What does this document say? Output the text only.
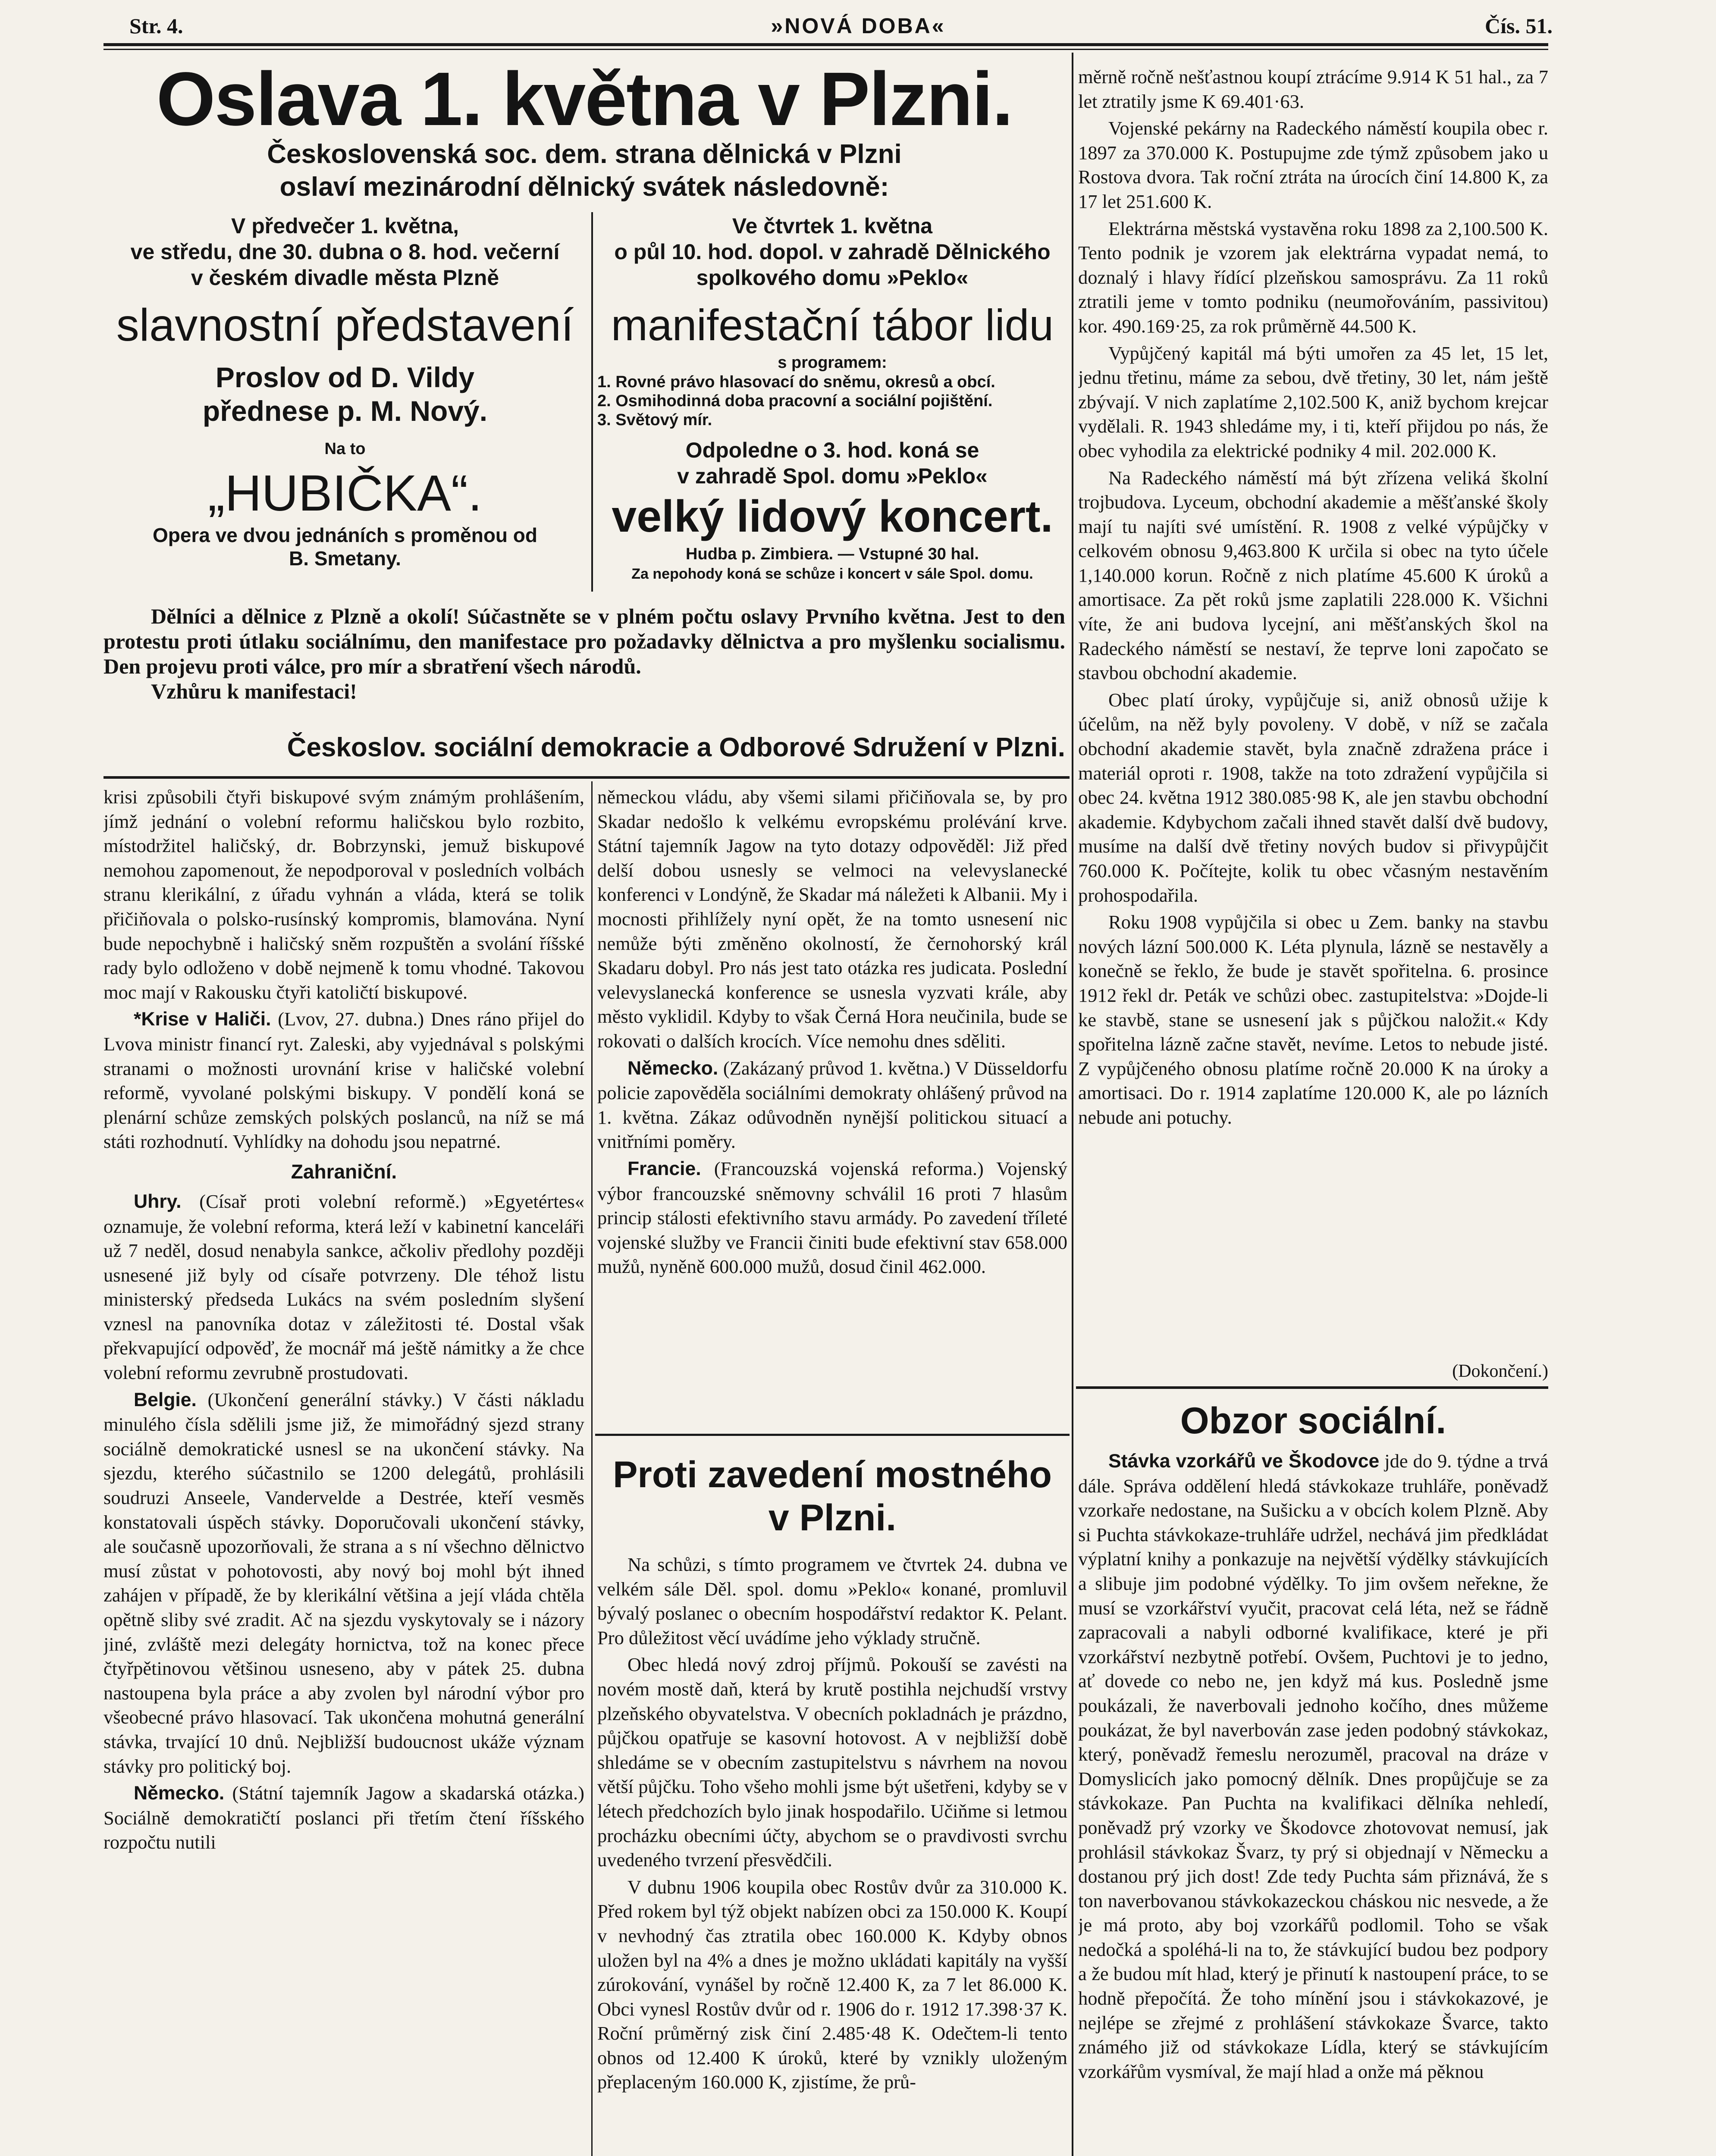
Str. 4.	»NOVÁ DOBA«	Čís. 51.
Oslava 1. května v Plzni.
Československá soc. dem. strana dělnická v Plzni
oslaví mezinárodní dělnický svátek následovně:
V předvečer 1. května,
ve středu, dne 30. dubna o 8. hod. večerní
v českém divadle města Plzně
slavnostní představení
Proslov od D. Vildy
přednese p. M. Nový.
Na to
„HUBIČKA“.
Opera ve dvou jednáních s proměnou od
B. Smetany.
Ve čtvrtek 1. května
o půl 10. hod. dopol. v zahradě Dělnického
spolkového domu »Peklo«
manifestační tábor lidu
s programem:
1. Rovné právo hlasovací do sněmu, okresů a obcí.
2. Osmihodinná doba pracovní a sociální pojištění.
3. Světový mír.
Odpoledne o 3. hod. koná se
v zahradě Spol. domu »Peklo«
velký lidový koncert.
Hudba p. Zimbiera. — Vstupné 30 hal.
Za nepohody koná se schůze i koncert v sále Spol. domu.

Dělníci a dělnice z Plzně a okolí! Súčastněte se v plném počtu oslavy Prvního května. Jest to den protestu proti útlaku sociálnímu, den manifestace pro požadavky dělnictva a pro myšlenku socialismu. Den projevu proti válce, pro mír a sbratření všech národů.

Vzhůru k manifestaci!
Českoslov. sociální demokracie a Odborové Sdružení v Plzni.

krisi způsobili čtyři biskupové svým známým prohlášením, jímž jednání o volební reformu haličskou bylo rozbito, místodržitel haličský, dr. Bobrzynski, jemuž biskupové nemohou zapomenout, že nepodporoval v posledních volbách stranu klerikální, z úřadu vyhnán a vláda, která se tolik přičiňovala o polsko-rusínský kompromis, blamována. Nyní bude nepochybně i haličský sněm rozpuštěn a svolání říšské rady bylo odloženo v době nejmeně k tomu vhodné. Takovou moc mají v Rakousku čtyři katoličtí biskupové.

*Krise v Haliči. (Lvov, 27. dubna.) Dnes ráno přijel do Lvova ministr financí ryt. Zaleski, aby vyjednával s polskými stranami o možnosti urovnání krise v haličské volební reformě, vyvolané polskými biskupy. V pondělí koná se plenární schůze zemských polských poslanců, na níž se má státi rozhodnutí. Vyhlídky na dohodu jsou nepatrné.

Zahraniční.

Uhry. (Císař proti volební reformě.) »Egyetértes« oznamuje, že volební reforma, která leží v kabinetní kanceláři už 7 neděl, dosud nenabyla sankce, ačkoliv předlohy později usnesené již byly od císaře potvrzeny. Dle téhož listu ministerský předseda Lukács na svém posledním slyšení vznesl na panovníka dotaz v záležitosti té. Dostal však překvapující odpověď, že mocnář má ještě námitky a že chce volební reformu zevrubně prostudovati.

Belgie. (Ukončení generální stávky.) V části nákladu minulého čísla sdělili jsme již, že mimořádný sjezd strany sociálně demokratické usnesl se na ukončení stávky. Na sjezdu, kterého súčastnilo se 1200 delegátů, prohlásili soudruzi Anseele, Vandervelde a Destrée, kteří vesměs konstatovali úspěch stávky. Doporučovali ukončení stávky, ale současně upozorňovali, že strana a s ní všechno dělnictvo musí zůstat v pohotovosti, aby nový boj mohl být ihned zahájen v případě, že by klerikální většina a její vláda chtěla opětně sliby své zradit. Ač na sjezdu vyskytovaly se i názory jiné, zvláště mezi delegáty hornictva, tož na konec přece čtyřpětinovou většinou usneseno, aby v pátek 25. dubna nastoupena byla práce a aby zvolen byl národní výbor pro všeobecné právo hlasovací. Tak ukončena mohutná generální stávka, trvající 10 dnů. Nejbližší budoucnost ukáže význam stávky pro politický boj.

Německo. (Státní tajemník Jagow a skadarská otázka.) Sociálně demokratičtí poslanci při třetím čtení říšského rozpočtu nutili

německou vládu, aby všemi silami přičiňovala se, by pro Skadar nedošlo k velkému evropskému prolévání krve. Státní tajemník Jagow na tyto dotazy odpověděl: Již před delší dobou usnesly se velmoci na velevyslanecké konferenci v Londýně, že Skadar má náležeti k Albanii. My i mocnosti přihlížely nyní opět, že na tomto usnesení nic nemůže býti změněno okolností, že černohorský král Skadaru dobyl. Pro nás jest tato otázka res judicata. Poslední velevyslanecká konference se usnesla vyzvati krále, aby město vyklidil. Kdyby to však Černá Hora neučinila, bude se rokovati o dalších krocích. Více nemohu dnes sděliti.

Německo. (Zakázaný průvod 1. května.) V Düsseldorfu policie zapověděla sociálními demokraty ohlášený průvod na 1. května. Zákaz odůvodněn nynější politickou situací a vnitřními poměry.

Francie. (Francouzská vojenská reforma.) Vojenský výbor francouzské sněmovny schválil 16 proti 7 hlasům princip stálosti efektivního stavu armády. Po zavedení tříleté vojenské služby ve Francii činiti bude efektivní stav 658.000 mužů, nyněně 600.000 mužů, dosud činil 462.000.

Proti zavedení mostného
v Plzni.

Na schůzi, s tímto programem ve čtvrtek 24. dubna ve velkém sále Děl. spol. domu »Peklo« konané, promluvil bývalý poslanec o obecním hospodářství redaktor K. Pelant. Pro důležitost věcí uvádíme jeho výklady stručně.

Obec hledá nový zdroj příjmů. Pokouší se zavésti na novém mostě daň, která by krutě postihla nejchudší vrstvy plzeňského obyvatelstva. V obecních pokladnách je prázdno, půjčkou opatřuje se kasovní hotovost. A v nejbližší době shledáme se v obecním zastupitelstvu s návrhem na novou větší půjčku. Toho všeho mohli jsme být ušetřeni, kdyby se v létech předchozích bylo jinak hospodařilo. Učiňme si letmou procházku obecními účty, abychom se o pravdivosti svrchu uvedeného tvrzení přesvědčili.

V dubnu 1906 koupila obec Rostův dvůr za 310.000 K. Před rokem byl týž objekt nabízen obci za 150.000 K. Koupí v nevhodný čas ztratila obec 160.000 K. Kdyby obnos uložen byl na 4% a dnes je možno ukládati kapitály na vyšší zúrokování, vynášel by ročně 12.400 K, za 7 let 86.000 K. Obci vynesl Rostův dvůr od r. 1906 do r. 1912 17.398·37 K. Roční průměrný zisk činí 2.485·48 K. Odečtem-li tento obnos od 12.400 K úroků, které by vznikly uloženým přeplaceným 160.000 K, zjistíme, že prů-

měrně ročně nešťastnou koupí ztrácíme 9.914 K 51 hal., za 7 let ztratily jsme K 69.401·63.

Vojenské pekárny na Radeckého náměstí koupila obec r. 1897 za 370.000 K. Postupujme zde týmž způsobem jako u Rostova dvora. Tak roční ztráta na úrocích činí 14.800 K, za 17 let 251.600 K.

Elektrárna městská vystavěna roku 1898 za 2,100.500 K. Tento podnik je vzorem jak elektrárna vypadat nemá, to doznalý i hlavy řídící plzeňskou samosprávu. Za 11 roků ztratili jeme v tomto podniku (neumořováním, passivitou) kor. 490.169·25, za rok průměrně 44.500 K.

Vypůjčený kapitál má býti umořen za 45 let, 15 let, jednu třetinu, máme za sebou, dvě třetiny, 30 let, nám ještě zbývají. V nich zaplatíme 2,102.500 K, aniž bychom krejcar vydělali. R. 1943 shledáme my, i ti, kteří přijdou po nás, že obec vyhodila za elektrické podniky 4 mil. 202.000 K.

Na Radeckého náměstí má být zřízena veliká školní trojbudova. Lyceum, obchodní akademie a měšťanské školy mají tu najíti své umístění. R. 1908 z velké výpůjčky v celkovém obnosu 9,463.800 K určila si obec na tyto účele 1,140.000 korun. Ročně z nich platíme 45.600 K úroků a amortisace. Za pět roků jsme zaplatili 228.000 K. Všichni víte, že ani budova lycejní, ani měšťanských škol na Radeckého náměstí se nestaví, že teprve loni započato se stavbou obchodní akademie.

Obec platí úroky, vypůjčuje si, aniž obnosů užije k účelům, na něž byly povoleny. V době, v níž se začala obchodní akademie stavět, byla značně zdražena práce i materiál oproti r. 1908, takže na toto zdražení vypůjčila si obec 24. května 1912 380.085·98 K, ale jen stavbu obchodní akademie. Kdybychom začali ihned stavět další dvě budovy, musíme na další dvě třetiny nových budov si přivypůjčit 760.000 K. Počítejte, kolik tu obec včasným nestavěním prohospodařila.

Roku 1908 vypůjčila si obec u Zem. banky na stavbu nových lázní 500.000 K. Léta plynula, lázně se nestavěly a konečně se řeklo, že bude je stavět spořitelna. 6. prosince 1912 řekl dr. Peták ve schůzi obec. zastupitelstva: »Dojde-li ke stavbě, stane se usnesení jak s půjčkou naložit.« Kdy spořitelna lázně začne stavět, nevíme. Letos to nebude jisté. Z vypůjčeného obnosu platíme ročně 20.000 K na úroky a amortisaci. Do r. 1914 zaplatíme 120.000 K, ale po lázních nebude ani potuchy.

(Dokončení.)
Obzor sociální.

Stávka vzorkářů ve Škodovce jde do 9. týdne a trvá dále. Správa oddělení hledá stávkokaze truhláře, poněvadž vzorkaře nedostane, na Sušicku a v obcích kolem Plzně. Aby si Puchta stávkokaze-truhláře udržel, nechává jim předkládat výplatní knihy a ponkazuje na největší výdělky stávkujících a slibuje jim podobné výdělky. To jim ovšem neřekne, že musí se vzorkářství vyučit, pracovat celá léta, než se řádně zapracovali a nabyli odborné kvalifikace, které je při vzorkářství nezbytně potřebí. Ovšem, Puchtovi je to jedno, ať dovede co nebo ne, jen když má kus. Posledně jsme poukázali, že naverbovali jednoho kočího, dnes můžeme poukázat, že byl naverbován zase jeden podobný stávkokaz, který, poněvadž řemeslu nerozuměl, pracoval na dráze v Domyslicích jako pomocný dělník. Dnes propůjčuje se za stávkokaze. Pan Puchta na kvalifikaci dělníka nehledí, poněvadž prý vzorky ve Škodovce zhotovovat nemusí, jak prohlásil stávkokaz Švarz, ty prý si objednají v Německu a dostanou prý jich dost! Zde tedy Puchta sám přiznává, že s ton naverbovanou stávkokazeckou cháskou nic nesvede, a že je má proto, aby boj vzorkářů podlomil. Toho se však nedočká a spoléhá-li na to, že stávkující budou bez podpory a že budou mít hlad, který je přinutí k nastoupení práce, to se hodně přepočítá. Že toho mínění jsou i stávkokazové, je nejlépe se zřejmé z prohlášení stávkokaze Švarce, takto známého již od stávkokaze Lídla, který se stávkujícím vzorkářům vysmíval, že mají hlad a onže má pěknou
